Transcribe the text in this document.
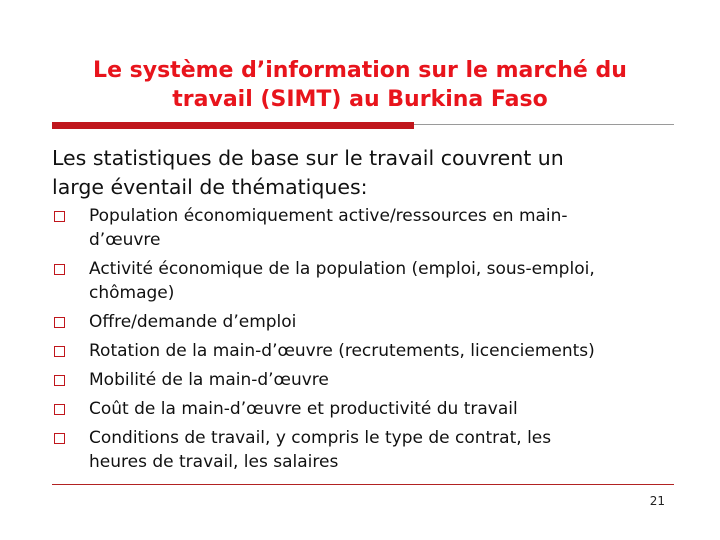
Le système d’information sur le marché du
travail (SIMT) au Burkina Faso
Les statistiques de base sur le travail couvrent un
large éventail de thématiques:
Population économiquement active/ressources en main-
d’œuvre
Activité économique de la population (emploi, sous-emploi,
chômage)
Offre/demande d’emploi
Rotation de la main-d’œuvre (recrutements, licenciements)
Mobilité de la main-d’œuvre
Coût de la main-d’œuvre et productivité du travail
Conditions de travail, y compris le type de contrat, les
heures de travail, les salaires
21
